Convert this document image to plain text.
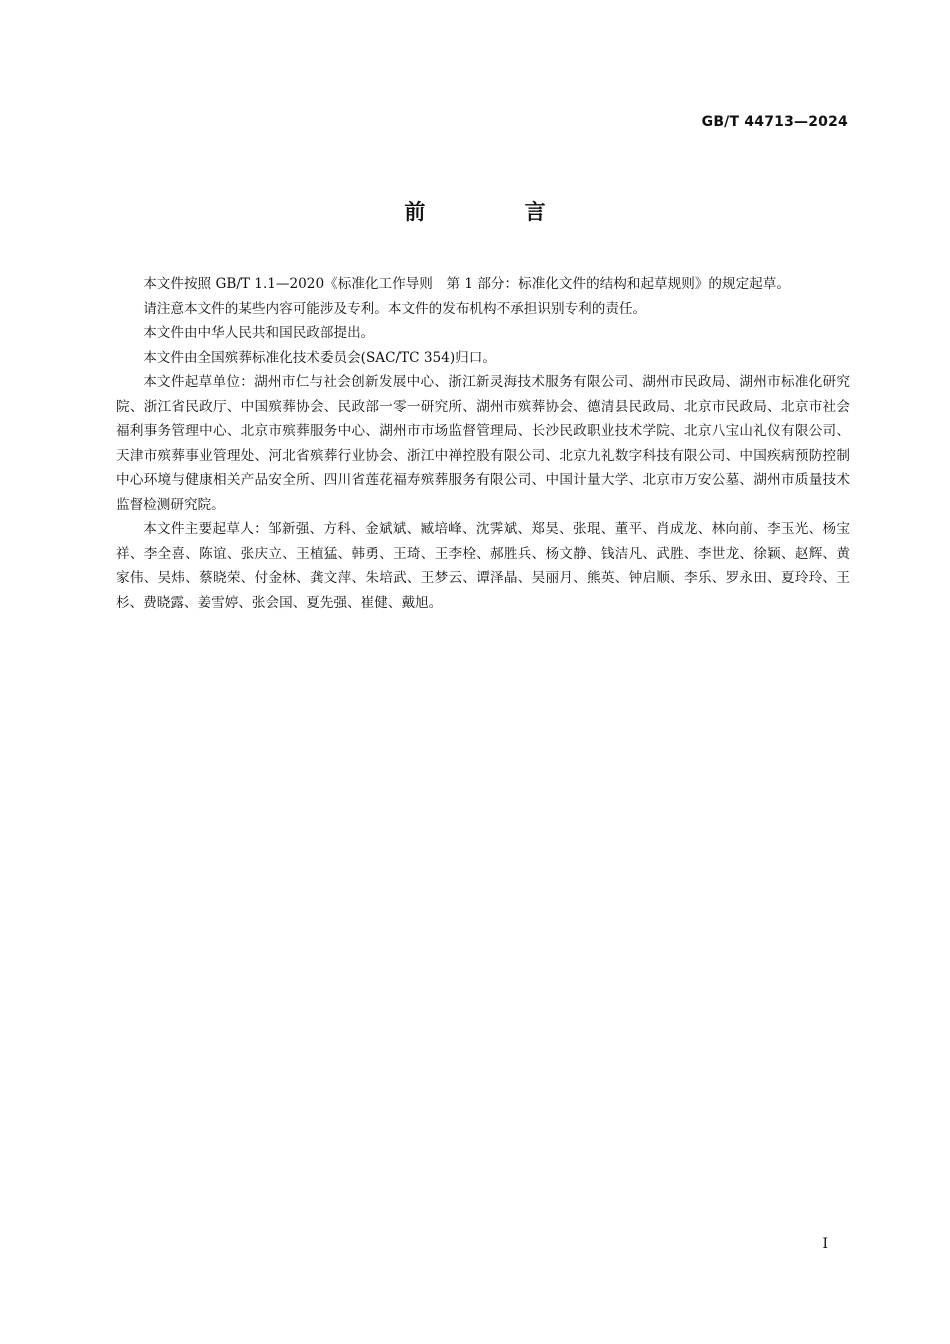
GB/T 44713—2024
前 言

本文件按照 GB/T 1.1—2020《标准化工作导则　第 1 部分：标准化文件的结构和起草规则》的规定起草。

请注意本文件的某些内容可能涉及专利。本文件的发布机构不承担识别专利的责任。

本文件由中华人民共和国民政部提出。

本文件由全国殡葬标准化技术委员会(SAC/TC 354)归口。

本文件起草单位：湖州市仁与社会创新发展中心、浙江新灵海技术服务有限公司、湖州市民政局、湖州市标准化研究院、浙江省民政厅、中国殡葬协会、民政部一零一研究所、湖州市殡葬协会、德清县民政局、北京市民政局、北京市社会福利事务管理中心、北京市殡葬服务中心、湖州市市场监督管理局、长沙民政职业技术学院、北京八宝山礼仪有限公司、天津市殡葬事业管理处、河北省殡葬行业协会、浙江中禅控股有限公司、北京九礼数字科技有限公司、中国疾病预防控制中心环境与健康相关产品安全所、四川省莲花福寿殡葬服务有限公司、中国计量大学、北京市万安公墓、湖州市质量技术监督检测研究院。

本文件主要起草人：邹新强、方科、金斌斌、臧培峰、沈霁斌、郑昊、张琨、董平、肖成龙、林向前、李玉光、杨宝祥、李全喜、陈谊、张庆立、王植猛、韩勇、王琦、王李栓、郝胜兵、杨文静、钱洁凡、武胜、李世龙、徐颖、赵辉、黄家伟、吴炜、蔡晓荣、付金林、龚文萍、朱培武、王梦云、谭泽晶、吴丽月、熊英、钟启顺、李乐、罗永田、夏玲玲、王杉、费晓露、姜雪婷、张会国、夏先强、崔健、戴旭。

I
